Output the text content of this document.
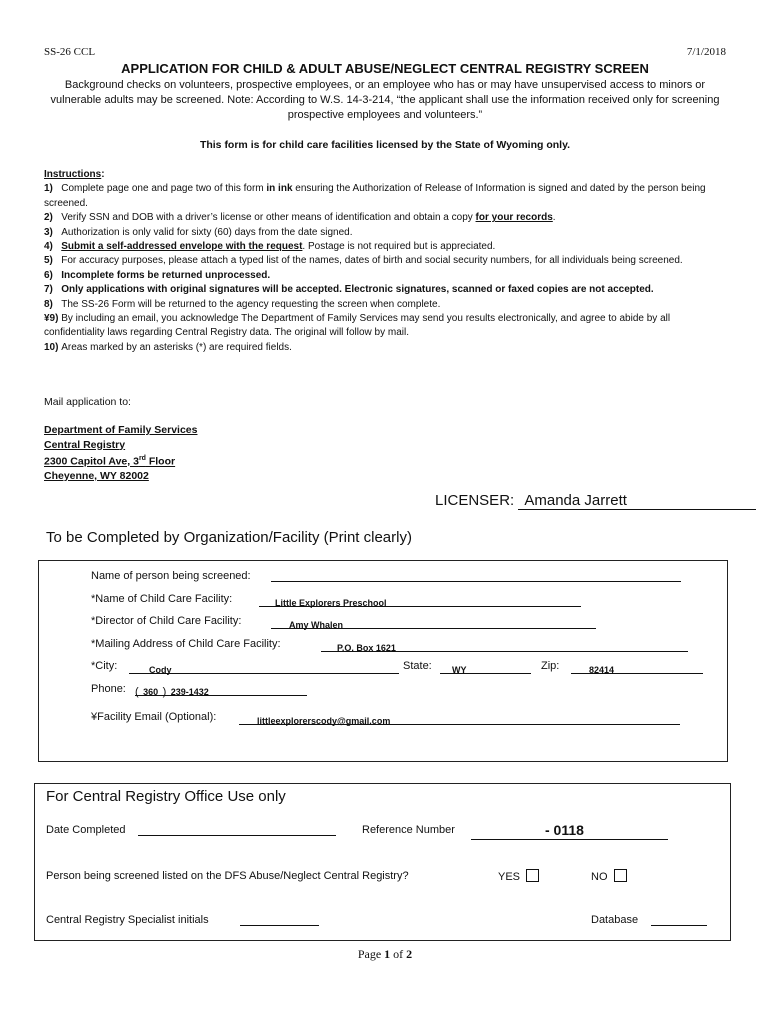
SS-26 CCL	7/1/2018
APPLICATION FOR CHILD & ADULT ABUSE/NEGLECT CENTRAL REGISTRY SCREEN
Background checks on volunteers, prospective employees, or an employee who has or may have unsupervised access to minors or vulnerable adults may be screened. Note: According to W.S. 14-3-214, “the applicant shall use the information received only for screening prospective employees and volunteers.”
This form is for child care facilities licensed by the State of Wyoming only.

Instructions:

1) Complete page one and page two of this form in ink ensuring the Authorization of Release of Information is signed and dated by the person being screened.

2) Verify SSN and DOB with a driver’s license or other means of identification and obtain a copy for your records.

3) Authorization is only valid for sixty (60) days from the date signed.

4) Submit a self-addressed envelope with the request. Postage is not required but is appreciated.

5) For accuracy purposes, please attach a typed list of the names, dates of birth and social security numbers, for all individuals being screened.

6) Incomplete forms be returned unprocessed.

7) Only applications with original signatures will be accepted. Electronic signatures, scanned or faxed copies are not accepted.

8) The SS-26 Form will be returned to the agency requesting the screen when complete.

¥9) By including an email, you acknowledge The Department of Family Services may send you results electronically, and agree to abide by all confidentiality laws regarding Central Registry data. The original will follow by mail.

10) Areas marked by an asterisks (*) are required fields.

Mail application to:
Department of Family Services
Central Registry
2300 Capitol Ave, 3rd Floor
Cheyenne, WY 82002
LICENSER: Amanda Jarrett
To be Completed by Organization/Facility (Print clearly)
Name of person being screened:
*Name of Child Care Facility:	Little Explorers Preschool
*Director of Child Care Facility:	Amy Whalen
*Mailing Address of Child Care Facility:	P.O. Box 1621
*City:	Cody	State:	WY	Zip:	82414
Phone: ( 360 ) 239-1432
¥Facility Email (Optional):	littleexplorerscody@gmail.com
For Central Registry Office Use only
Date Completed	Reference Number	- 0118
Person being screened listed on the DFS Abuse/Neglect Central Registry?	YES	NO
Central Registry Specialist initials	Database
Page 1 of 2
